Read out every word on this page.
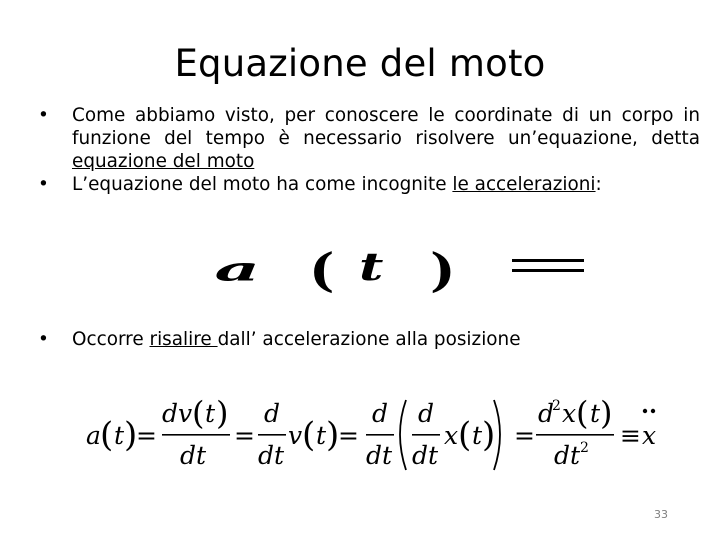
Equazione del moto
• Come abbiamo visto, per conoscere le coordinate di un corpo in
funzione del tempo è necessario risolvere un’equazione, detta
equazione del moto
• L’equazione del moto ha come incognite le accelerazioni:
a ( t )
• Occorre risalire dall’ accelerazione alla posizione
a ( t )
=
dv ( t )
dt
=
d
dt
v ( t )
=
d
dt
d
dt
x ( t ) =
d
2 x ( t )
dt 2 ≡ x
33
